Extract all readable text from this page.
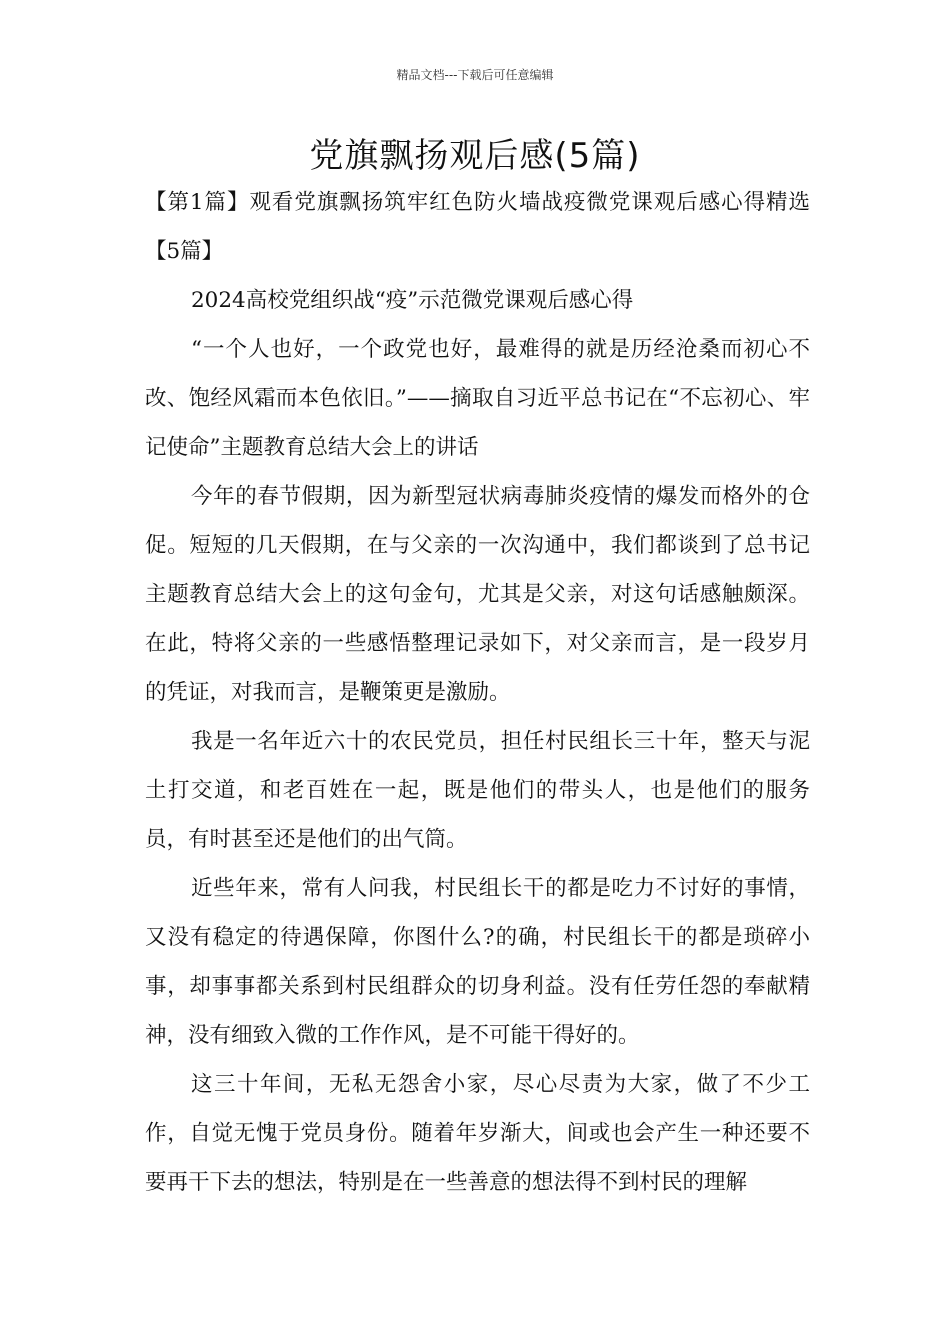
精品文档---下载后可任意编辑
党旗飘扬观后感(5篇)

【第1篇】观看党旗飘扬筑牢红色防火墙战疫微党课观后感心得精选【5篇】

2024高校党组织战“疫”示范微党课观后感心得

“一个人也好，一个政党也好，最难得的就是历经沧桑而初心不改、饱经风霜而本色依旧。”——摘取自习近平总书记在“不忘初心、牢记使命”主题教育总结大会上的讲话

今年的春节假期，因为新型冠状病毒肺炎疫情的爆发而格外的仓促。短短的几天假期，在与父亲的一次沟通中，我们都谈到了总书记主题教育总结大会上的这句金句，尤其是父亲，对这句话感触颇深。在此，特将父亲的一些感悟整理记录如下，对父亲而言，是一段岁月的凭证，对我而言，是鞭策更是激励。

我是一名年近六十的农民党员，担任村民组长三十年，整天与泥土打交道，和老百姓在一起，既是他们的带头人，也是他们的服务员，有时甚至还是他们的出气筒。

近些年来，常有人问我，村民组长干的都是吃力不讨好的事情，又没有稳定的待遇保障，你图什么?的确，村民组长干的都是琐碎小事，却事事都关系到村民组群众的切身利益。没有任劳任怨的奉献精神，没有细致入微的工作作风，是不可能干得好的。

这三十年间，无私无怨舍小家，尽心尽责为大家，做了不少工作，自觉无愧于党员身份。随着年岁渐大，间或也会产生一种还要不要再干下去的想法，特别是在一些善意的想法得不到村民的理解
